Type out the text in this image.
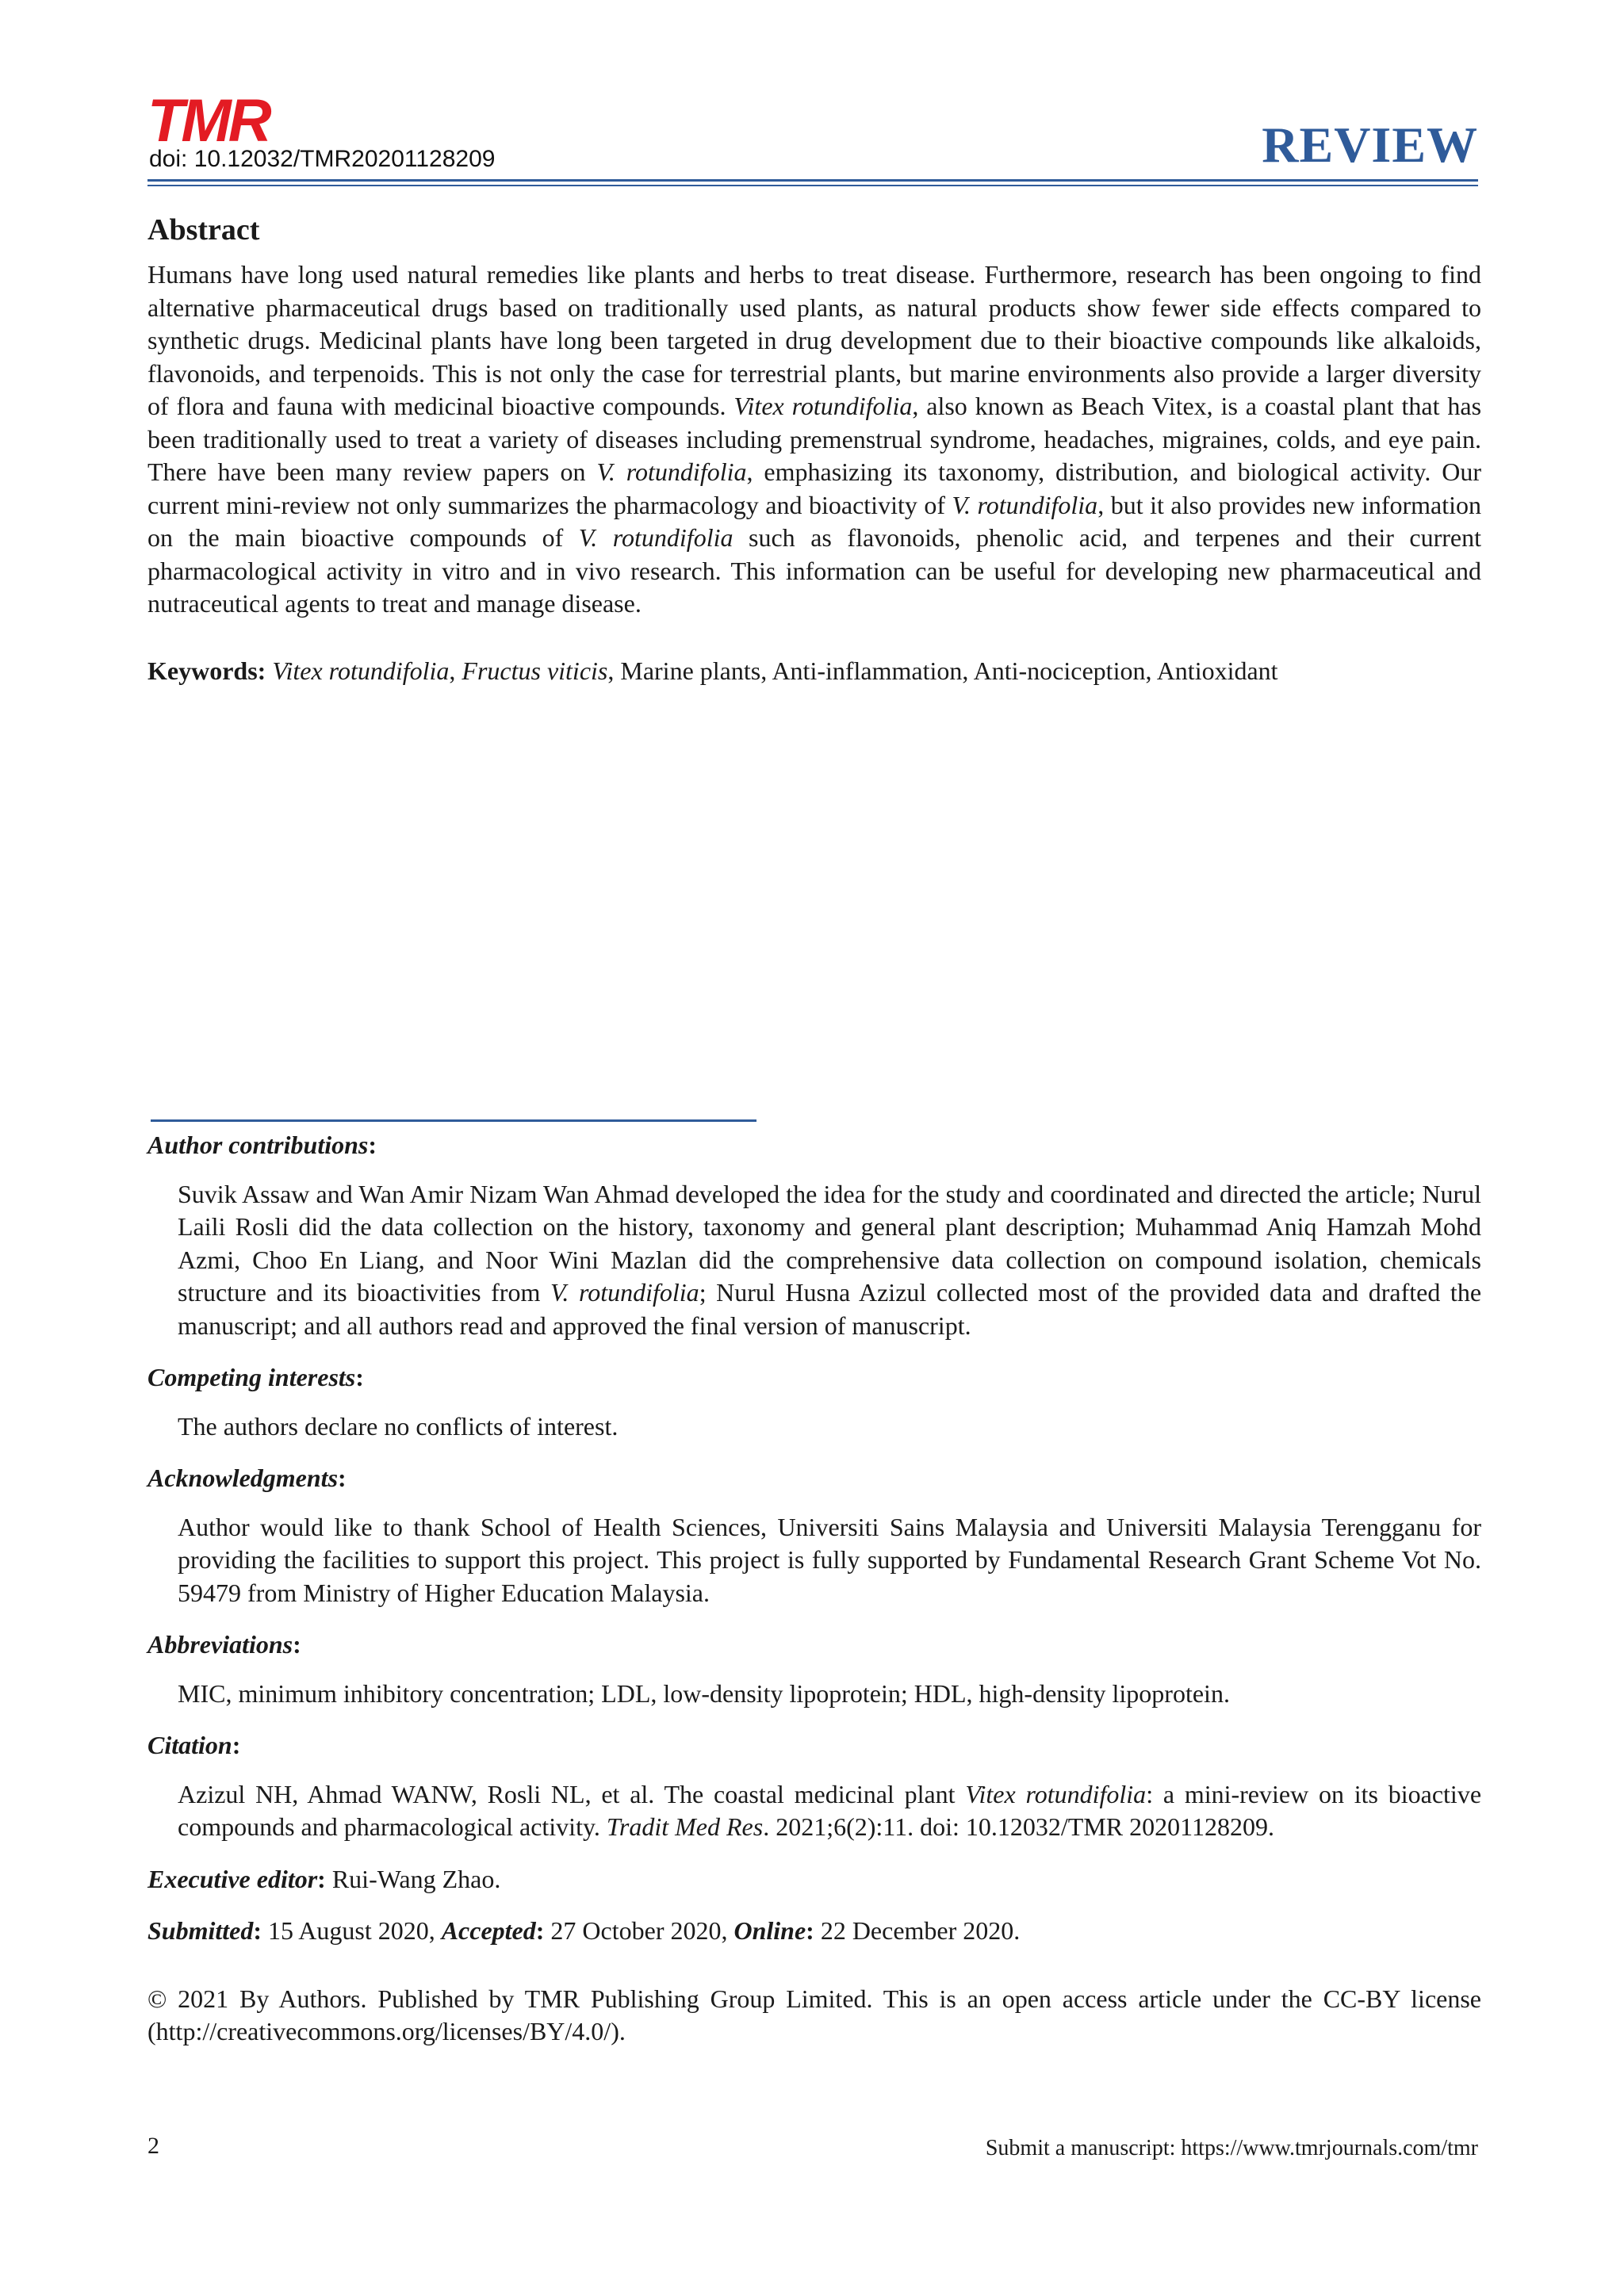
TMR
doi: 10.12032/TMR20201128209	REVIEW
Abstract
Humans have long used natural remedies like plants and herbs to treat disease. Furthermore, research has been ongoing to find alternative pharmaceutical drugs based on traditionally used plants, as natural products show fewer side effects compared to synthetic drugs. Medicinal plants have long been targeted in drug development due to their bioactive compounds like alkaloids, flavonoids, and terpenoids. This is not only the case for terrestrial plants, but marine environments also provide a larger diversity of flora and fauna with medicinal bioactive compounds. Vitex rotundifolia, also known as Beach Vitex, is a coastal plant that has been traditionally used to treat a variety of diseases including premenstrual syndrome, headaches, migraines, colds, and eye pain. There have been many review papers on V. rotundifolia, emphasizing its taxonomy, distribution, and biological activity. Our current mini-review not only summarizes the pharmacology and bioactivity of V. rotundifolia, but it also provides new information on the main bioactive compounds of V. rotundifolia such as flavonoids, phenolic acid, and terpenes and their current pharmacological activity in vitro and in vivo research. This information can be useful for developing new pharmaceutical and nutraceutical agents to treat and manage disease.
Keywords: Vitex rotundifolia, Fructus viticis, Marine plants, Anti-inflammation, Anti-nociception, Antioxidant

Author contributions:

Suvik Assaw and Wan Amir Nizam Wan Ahmad developed the idea for the study and coordinated and directed the article; Nurul Laili Rosli did the data collection on the history, taxonomy and general plant description; Muhammad Aniq Hamzah Mohd Azmi, Choo En Liang, and Noor Wini Mazlan did the comprehensive data collection on compound isolation, chemicals structure and its bioactivities from V. rotundifolia; Nurul Husna Azizul collected most of the provided data and drafted the manuscript; and all authors read and approved the final version of manuscript.

Competing interests:

The authors declare no conflicts of interest.

Acknowledgments:

Author would like to thank School of Health Sciences, Universiti Sains Malaysia and Universiti Malaysia Terengganu for providing the facilities to support this project. This project is fully supported by Fundamental Research Grant Scheme Vot No. 59479 from Ministry of Higher Education Malaysia.

Abbreviations:

MIC, minimum inhibitory concentration; LDL, low-density lipoprotein; HDL, high-density lipoprotein.

Citation:

Azizul NH, Ahmad WANW, Rosli NL, et al. The coastal medicinal plant Vitex rotundifolia: a mini-review on its bioactive compounds and pharmacological activity. Tradit Med Res. 2021;6(2):11. doi: 10.12032/TMR 20201128209.

Executive editor: Rui-Wang Zhao.

Submitted: 15 August 2020, Accepted: 27 October 2020, Online: 22 December 2020.

© 2021 By Authors. Published by TMR Publishing Group Limited. This is an open access article under the CC-BY license (http://creativecommons.org/licenses/BY/4.0/).
2	Submit a manuscript: https://www.tmrjournals.com/tmr
